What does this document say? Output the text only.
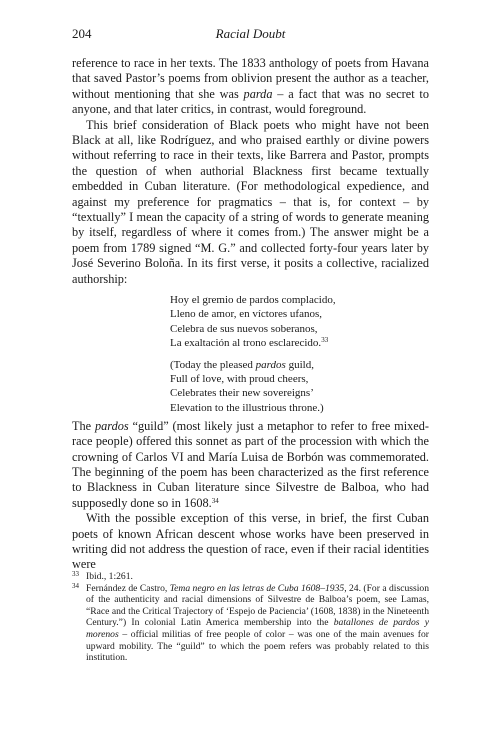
204	Racial Doubt

reference to race in her texts. The 1833 anthology of poets from Havana that saved Pastor’s poems from oblivion present the author as a teacher, without mentioning that she was parda – a fact that was no secret to anyone, and that later critics, in contrast, would foreground.

This brief consideration of Black poets who might have not been Black at all, like Rodríguez, and who praised earthly or divine powers without referring to race in their texts, like Barrera and Pastor, prompts the question of when authorial Blackness first became textually embedded in Cuban literature. (For methodological expedience, and against my preference for pragmatics – that is, for context – by “textually” I mean the capacity of a string of words to generate meaning by itself, regardless of where it comes from.) The answer might be a poem from 1789 signed “M. G.” and collected forty-four years later by José Severino Boloña. In its first verse, it posits a collective, racialized authorship:

Hoy el gremio de pardos complacido,
Lleno de amor, en víctores ufanos,
Celebra de sus nuevos soberanos,
La exaltación al trono esclarecido.$^{33}$
(Today the pleased pardos guild,
Full of love, with proud cheers,
Celebrates their new sovereigns’
Elevation to the illustrious throne.)

The pardos “guild” (most likely just a metaphor to refer to free mixed-race people) offered this sonnet as part of the procession with which the crowning of Carlos VI and María Luisa de Borbón was commemorated. The beginning of the poem has been characterized as the first reference to Blackness in Cuban literature since Silvestre de Balboa, who had supposedly done so in 1608.34

With the possible exception of this verse, in brief, the first Cuban poets of known African descent whose works have been preserved in writing did not address the question of race, even if their racial identities were

33 Ibid., 1:261.

34 Fernández de Castro, Tema negro en las letras de Cuba 1608–1935, 24. (For a discussion of the authenticity and racial dimensions of Silvestre de Balboa’s poem, see Lamas, “Race and the Critical Trajectory of ‘Espejo de Paciencia’ (1608, 1838) in the Nineteenth Century.”) In colonial Latin America membership into the batallones de pardos y morenos – official militias of free people of color – was one of the main avenues for upward mobility. The “guild” to which the poem refers was probably related to this institution.
